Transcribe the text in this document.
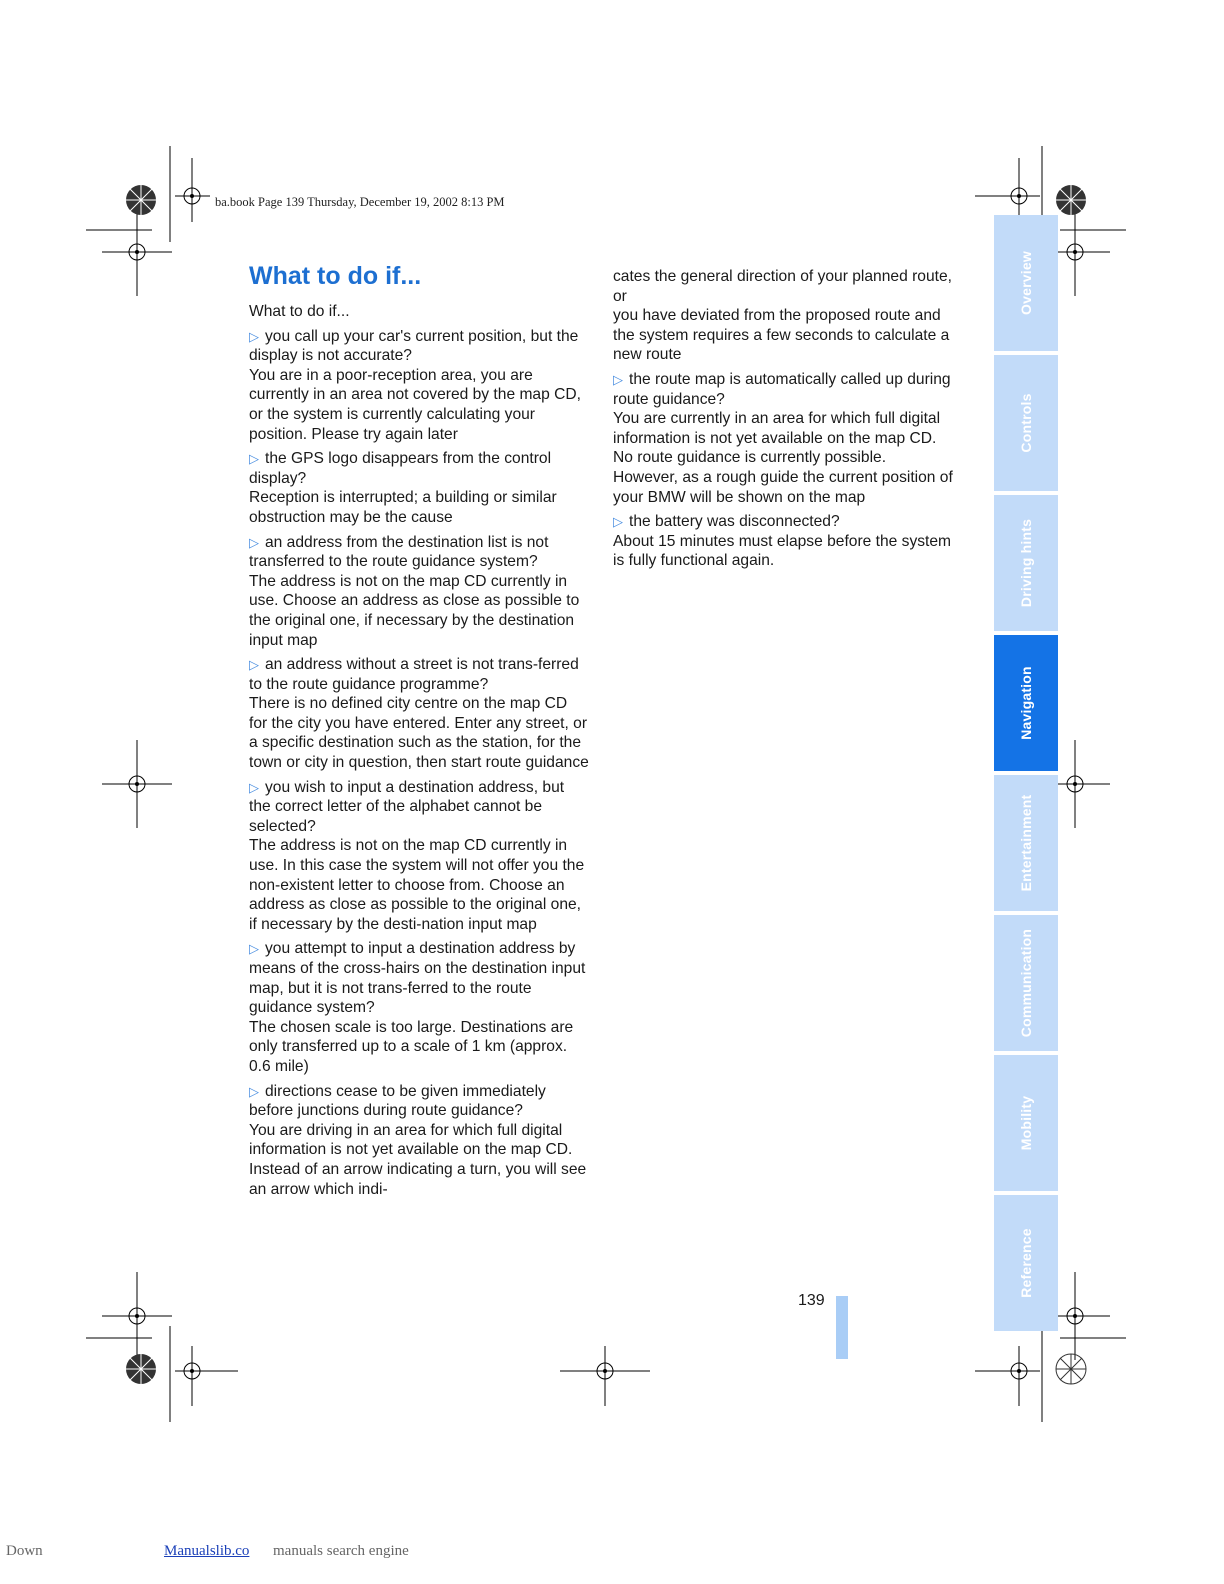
ba.book Page 139 Thursday, December 19, 2002 8:13 PM
What to do if...

What to do if...

▷ you call up your car's current position, but the display is not accurate?
You are in a poor-reception area, you are currently in an area not covered by the map CD, or the system is currently calculating your position. Please try again later

▷ the GPS logo disappears from the control display?
Reception is interrupted; a building or similar obstruction may be the cause

▷ an address from the destination list is not transferred to the route guidance system?
The address is not on the map CD currently in use. Choose an address as close as possible to the original one, if necessary by the destination input map

▷ an address without a street is not trans-ferred to the route guidance programme?
There is no defined city centre on the map CD for the city you have entered. Enter any street, or a specific destination such as the station, for the town or city in question, then start route guidance

▷ you wish to input a destination address, but the correct letter of the alphabet cannot be selected?
The address is not on the map CD currently in use. In this case the system will not offer you the non-existent letter to choose from. Choose an address as close as possible to the original one, if necessary by the desti-nation input map

▷ you attempt to input a destination address by means of the cross-hairs on the destination input map, but it is not trans-ferred to the route guidance system?
The chosen scale is too large. Destinations are only transferred up to a scale of 1 km (approx. 0.6 mile)

▷ directions cease to be given immediately before junctions during route guidance?
You are driving in an area for which full digital information is not yet available on the map CD. Instead of an arrow indicating a turn, you will see an arrow which indi-

cates the general direction of your planned route,
or
you have deviated from the proposed route and the system requires a few seconds to calculate a new route

▷ the route map is automatically called up during route guidance?
You are currently in an area for which full digital information is not yet available on the map CD. No route guidance is currently possible. However, as a rough guide the current position of your BMW will be shown on the map

▷ the battery was disconnected?
About 15 minutes must elapse before the system is fully functional again.

139
Overview
Controls
Driving hints
Navigation
Entertainment
Communication
Mobility
Reference
Down	Manualslib.co manuals search engine
